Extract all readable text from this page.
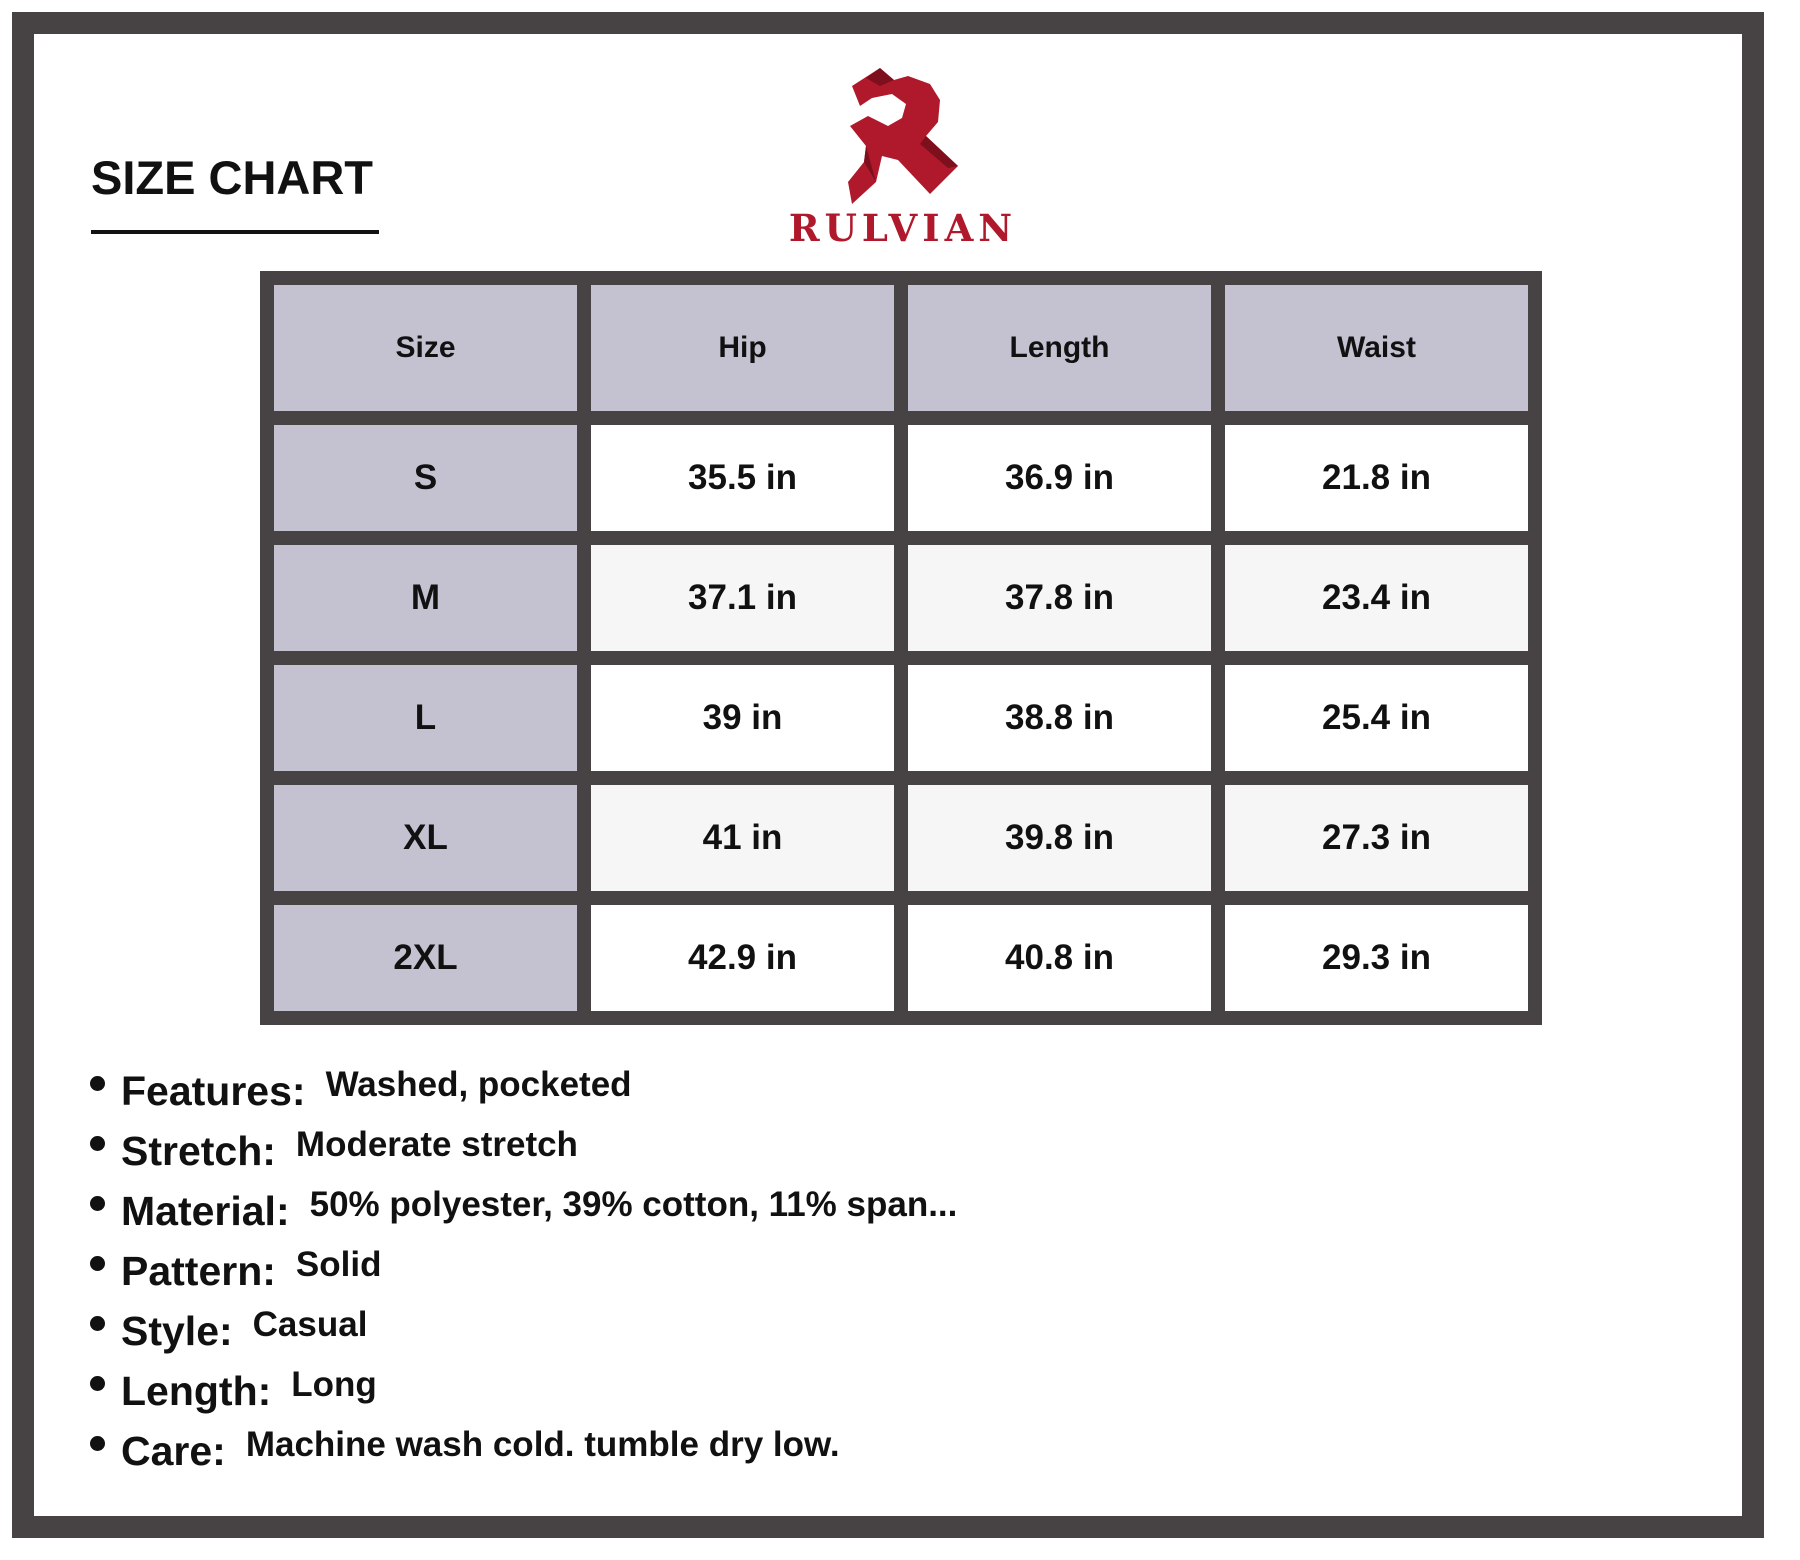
SIZE CHART
RULVIAN
Size	Hip	Length	Waist
S	35.5 in	36.9 in	21.8 in
M	37.1 in	37.8 in	23.4 in
L	39 in	38.8 in	25.4 in
XL	41 in	39.8 in	27.3 in
2XL	42.9 in	40.8 in	29.3 in
Features: Washed, pocketed
Stretch: Moderate stretch
Material: 50% polyester, 39% cotton, 11% span...
Pattern: Solid
Style: Casual
Length: Long
Care: Machine wash cold. tumble dry low.
